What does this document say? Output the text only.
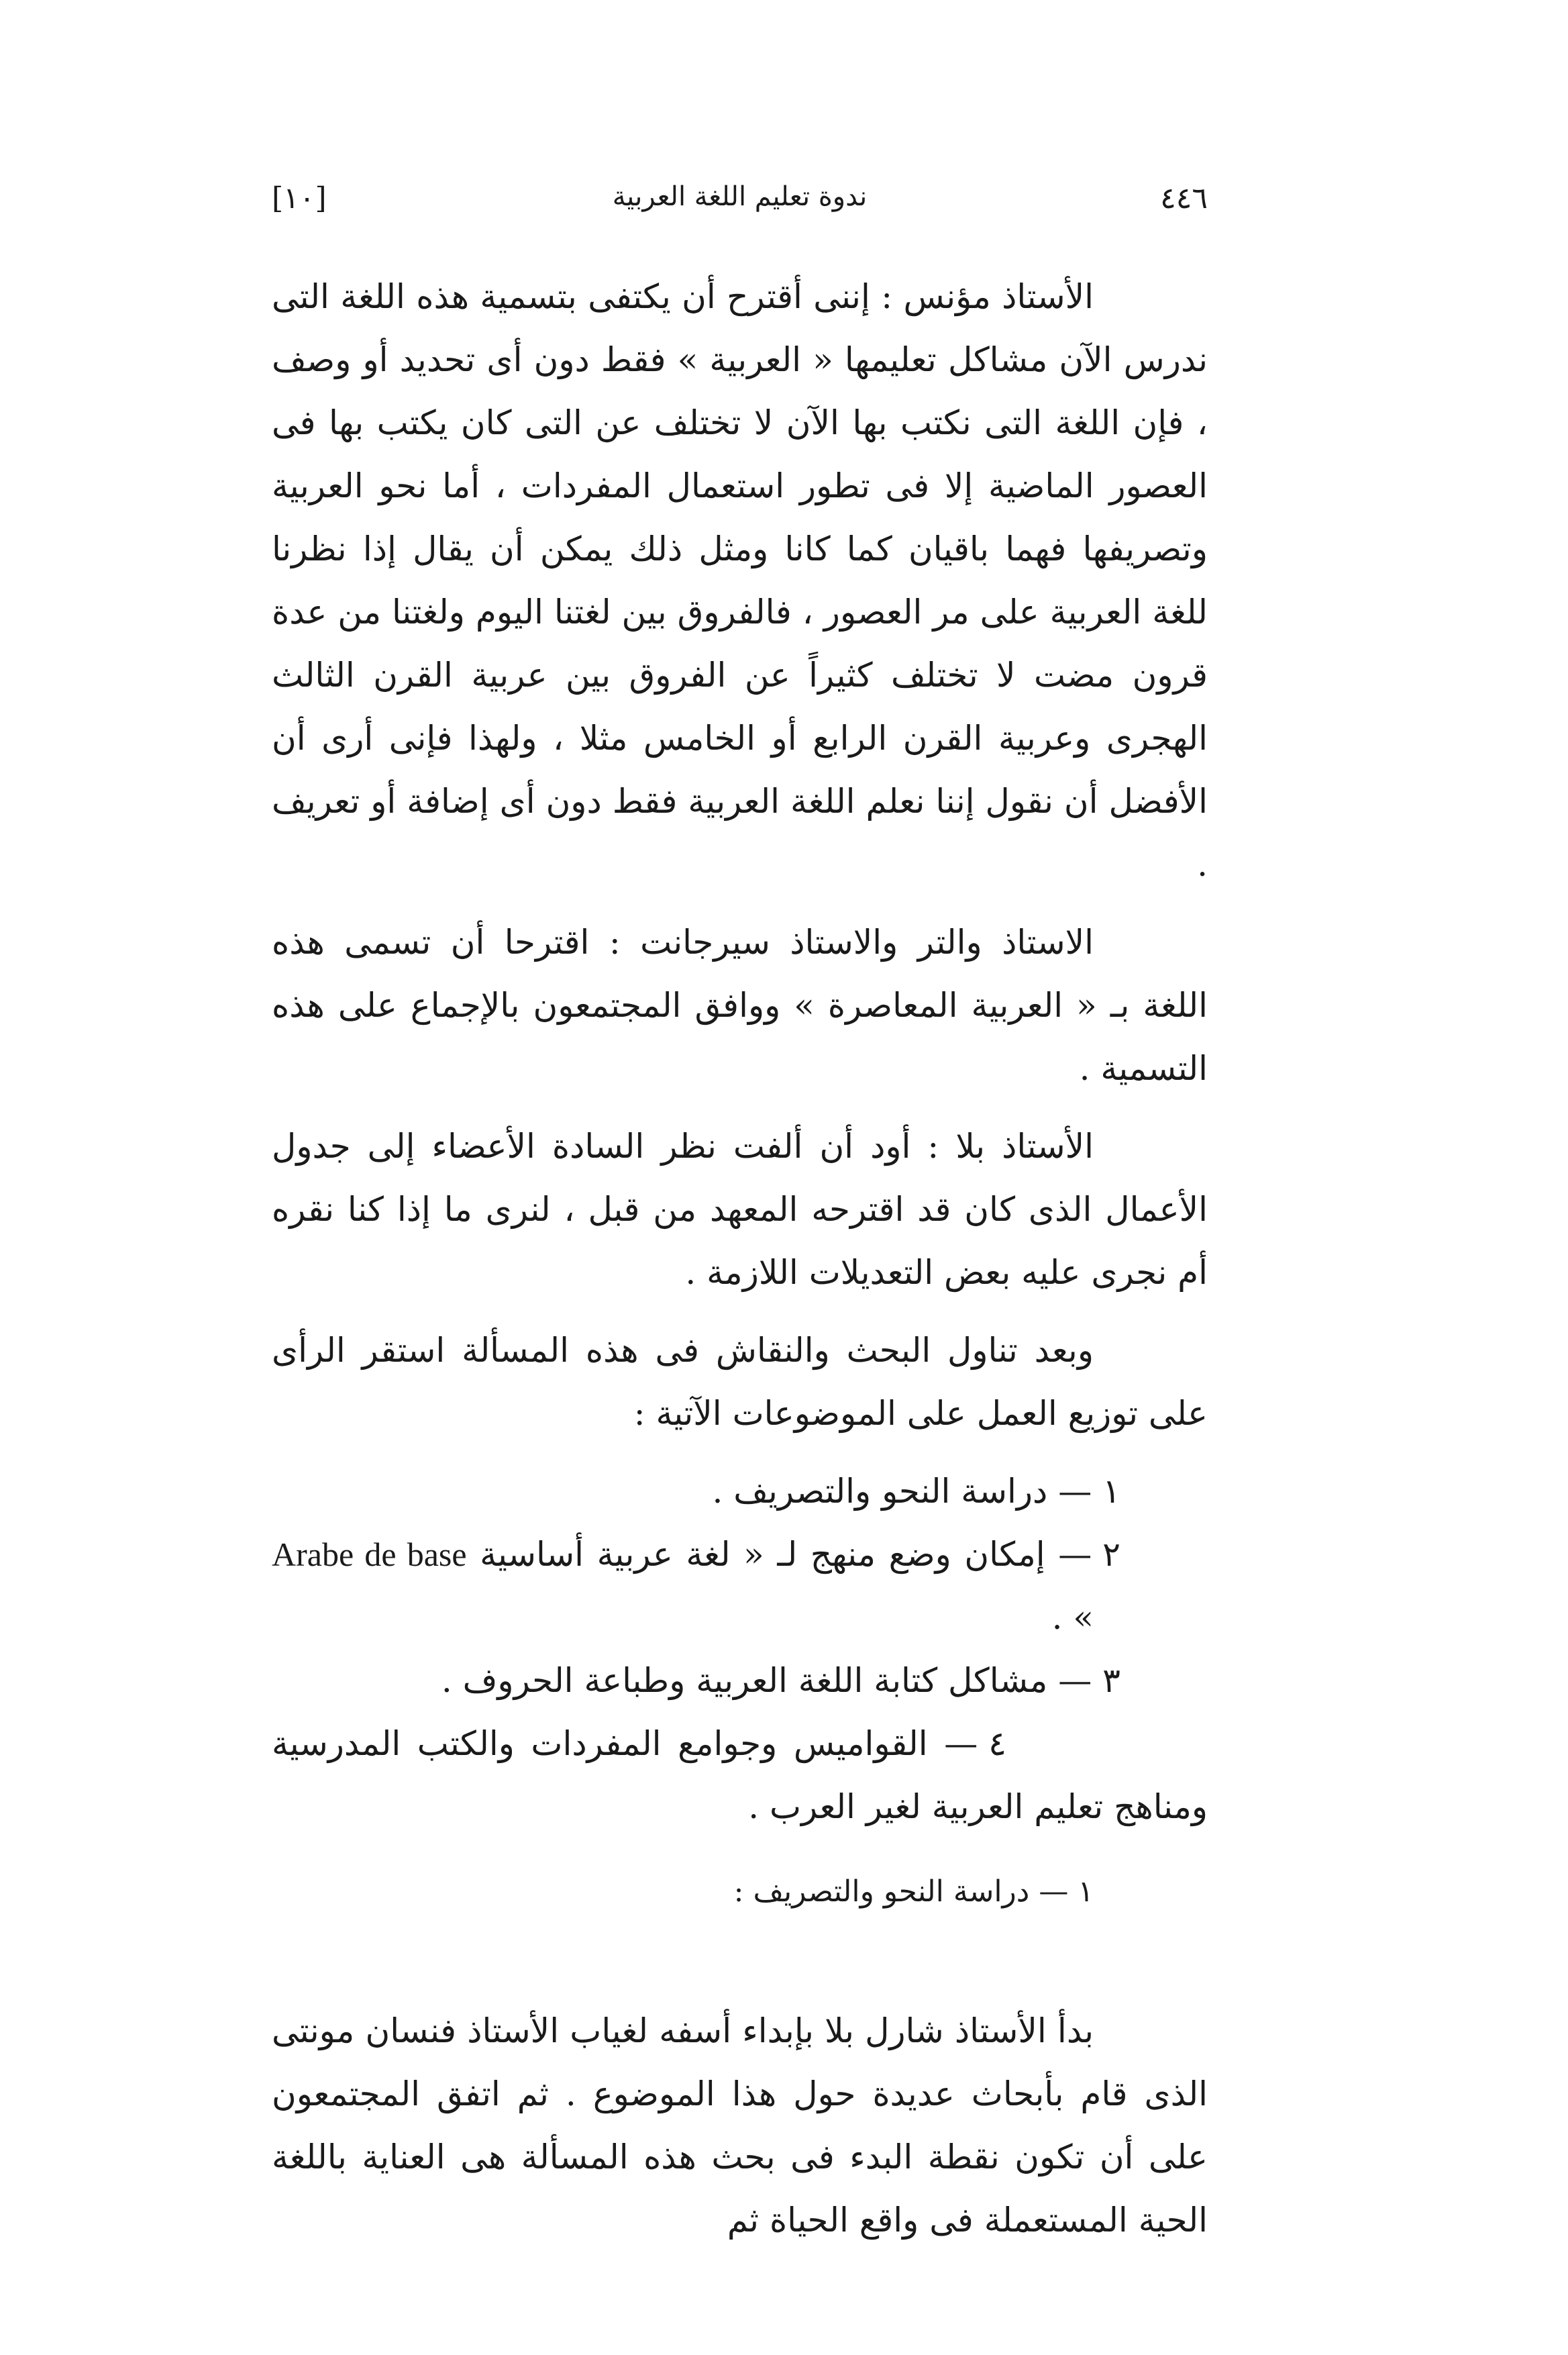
[١٠]	ندوة تعليم اللغة العربية	٤٤٦

الأستاذ مؤنس : إننى أقترح أن يكتفى بتسمية هذه اللغة التى ندرس الآن مشاكل تعليمها « العربية » فقط دون أى تحديد أو وصف ، فإن اللغة التى نكتب بها الآن لا تختلف عن التى كان يكتب بها فى العصور الماضية إلا فى تطور استعمال المفردات ، أما نحو العربية وتصريفها فهما باقيان كما كانا ومثل ذلك يمكن أن يقال إذا نظرنا للغة العربية على مر العصور ، فالفروق بين لغتنا اليوم ولغتنا من عدة قرون مضت لا تختلف كثيراً عن الفروق بين عربية القرن الثالث الهجرى وعربية القرن الرابع أو الخامس مثلا ، ولهذا فإنى أرى أن الأفضل أن نقول إننا نعلم اللغة العربية فقط دون أى إضافة أو تعريف .

الاستاذ والتر والاستاذ سيرجانت : اقترحا أن تسمى هذه اللغة بـ « العربية المعاصرة » ووافق المجتمعون بالإجماع على هذه التسمية .

الأستاذ بلا : أود أن ألفت نظر السادة الأعضاء إلى جدول الأعمال الذى كان قد اقترحه المعهد من قبل ، لنرى ما إذا كنا نقره أم نجرى عليه بعض التعديلات اللازمة .

وبعد تناول البحث والنقاش فى هذه المسألة استقر الرأى على توزيع العمل على الموضوعات الآتية :

١ — دراسة النحو والتصريف .
٢ — إمكان وضع منهج لـ « لغة عربية أساسية Arabe de base » .
٣ — مشاكل كتابة اللغة العربية وطباعة الحروف .
٤ — القواميس وجوامع المفردات والكتب المدرسية ومناهج تعليم العربية لغير العرب .
١ — دراسة النحو والتصريف :

بدأ الأستاذ شارل بلا بإبداء أسفه لغياب الأستاذ فنسان مونتى الذى قام بأبحاث عديدة حول هذا الموضوع . ثم اتفق المجتمعون على أن تكون نقطة البدء فى بحث هذه المسألة هى العناية باللغة الحية المستعملة فى واقع الحياة ثم
